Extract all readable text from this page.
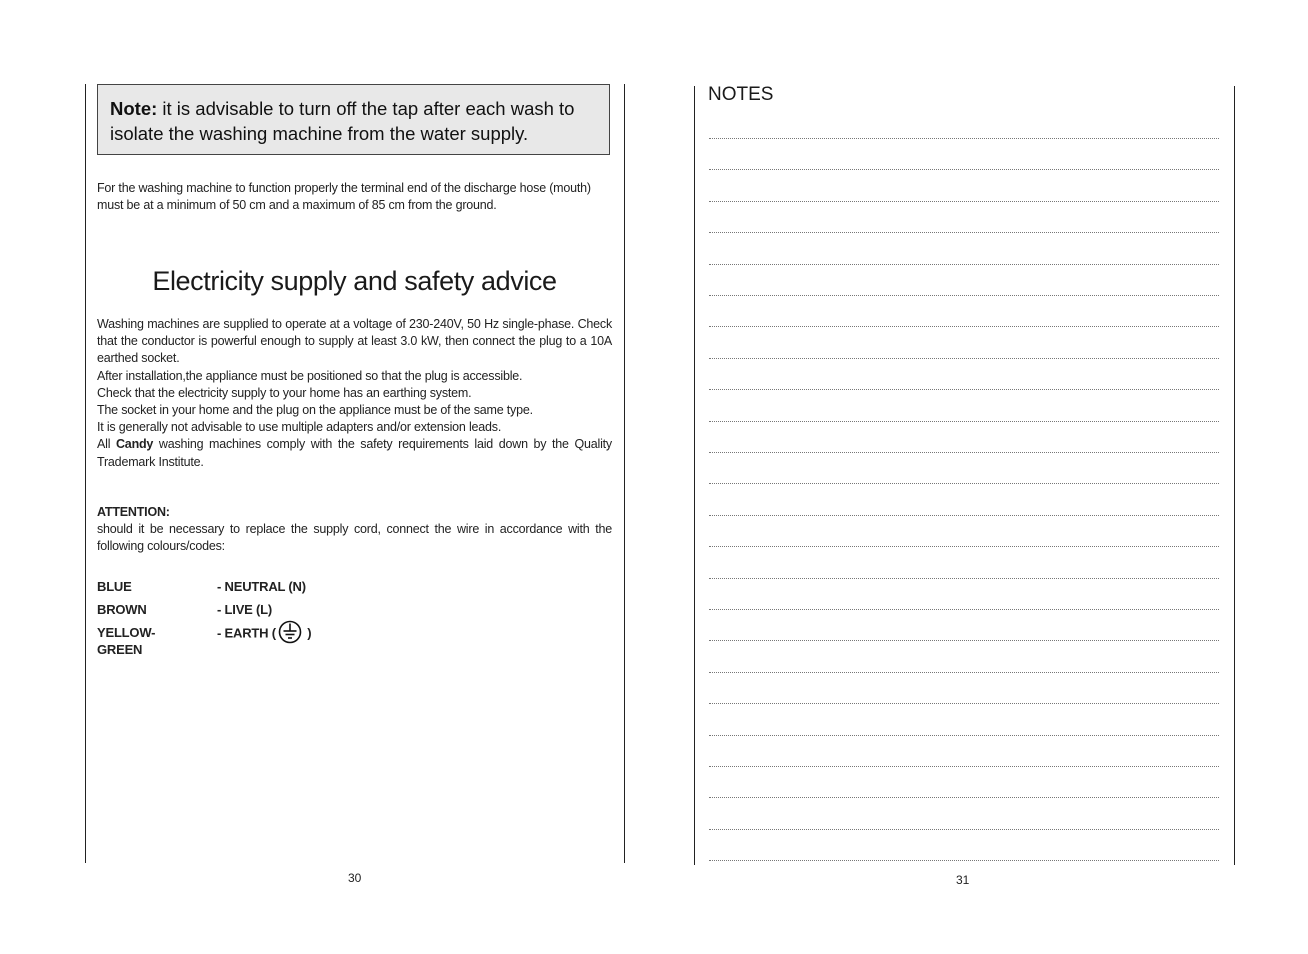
Note: it is advisable to turn off the tap after each wash to isolate the washing machine from the water supply.
For the washing machine to function properly the terminal end of the discharge hose (mouth) must be at a minimum of 50 cm and a maximum of 85 cm from the ground.
Electricity supply and safety advice
Washing machines are supplied to operate at a voltage of 230-240V, 50 Hz single-phase. Check that the conductor is powerful enough to supply at least 3.0 kW, then connect the plug to a 10A earthed socket.
After installation,the appliance must be positioned so that the plug is accessible.
Check that the electricity supply to your home has an earthing system.
The socket in your home and the plug on the appliance must be of the same type.
It is generally not advisable to use multiple adapters and/or extension leads.
All Candy washing machines comply with the safety requirements laid down by the Quality Trademark Institute.
ATTENTION:
should it be necessary to replace the supply cord, connect the wire in accordance with the following colours/codes:
BLUE	- NEUTRAL (N)
BROWN	- LIVE (L)
YELLOW-GREEN
- EARTH ( )
30
NOTES
31
